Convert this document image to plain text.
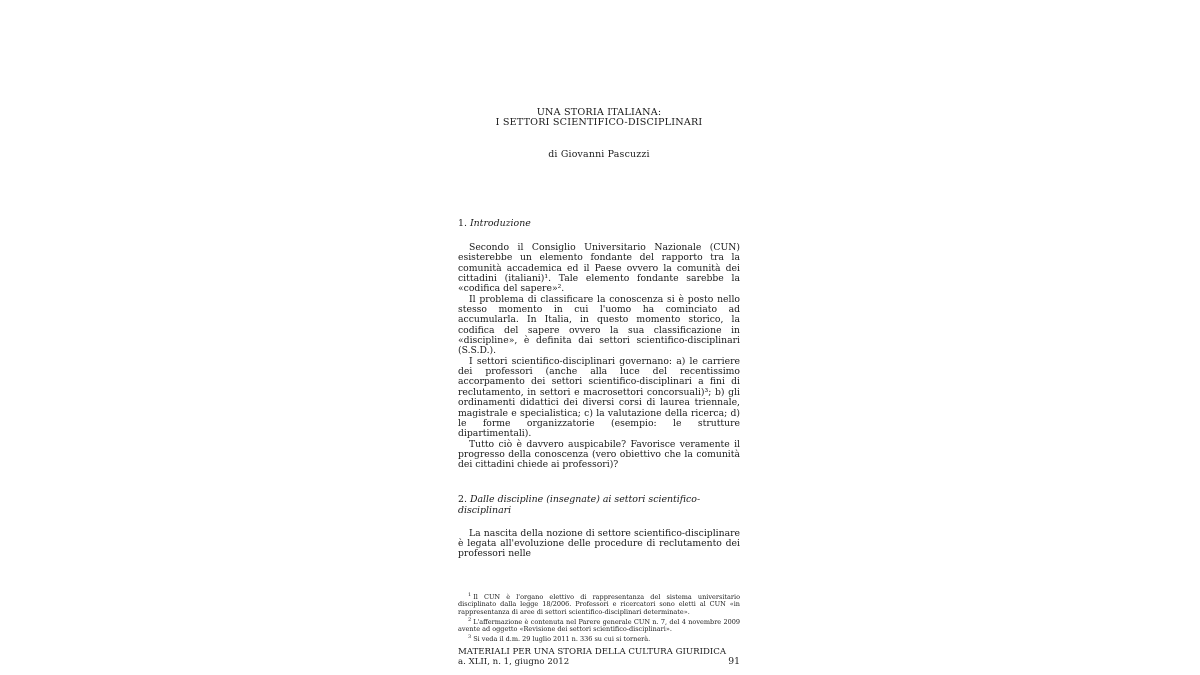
UNA STORIA ITALIANA:
I SETTORI SCIENTIFICO-DISCIPLINARI
di Giovanni Pascuzzi
1. Introduzione

Secondo il Consiglio Universitario Nazionale (CUN) esisterebbe un elemento fondante del rapporto tra la comunità accademica ed il Paese ovvero la comunità dei cittadini (italiani)¹. Tale elemento fondante sarebbe la «codifica del sapere»².

Il problema di classificare la conoscenza si è posto nello stesso momento in cui l'uomo ha cominciato ad accumularla. In Italia, in questo momento storico, la codifica del sapere ovvero la sua classificazione in «discipline», è definita dai settori scientifico-disciplinari (S.S.D.).

I settori scientifico-disciplinari governano: a) le carriere dei professori (anche alla luce del recentissimo accorpamento dei settori scientifico-disciplinari a fini di reclutamento, in settori e macrosettori concorsuali)³; b) gli ordinamenti didattici dei diversi corsi di laurea triennale, magistrale e specialistica; c) la valutazione della ricerca; d) le forme organizzatorie (esempio: le strutture dipartimentali).

Tutto ciò è davvero auspicabile? Favorisce veramente il progresso della conoscenza (vero obiettivo che la comunità dei cittadini chiede ai professori)?

2. Dalle discipline (insegnate) ai settori scientifico-disciplinari

La nascita della nozione di settore scientifico-disciplinare è legata all'evoluzione delle procedure di reclutamento dei professori nelle

$^1$ Il CUN è l'organo elettivo di rappresentanza del sistema universitario disciplinato dalla legge 18/2006. Professori e ricercatori sono eletti al CUN «in rappresentanza di aree di settori scientifico-disciplinari determinate».

$^2$ L'affermazione è contenuta nel Parere generale CUN n. 7, del 4 novembre 2009 avente ad oggetto «Revisione dei settori scientifico-disciplinari».

$^3$ Si veda il d.m. 29 luglio 2011 n. 336 su cui si tornerà.

MATERIALI PER UNA STORIA DELLA CULTURA GIURIDICA
a. XLII, n. 1, giugno 2012	91
